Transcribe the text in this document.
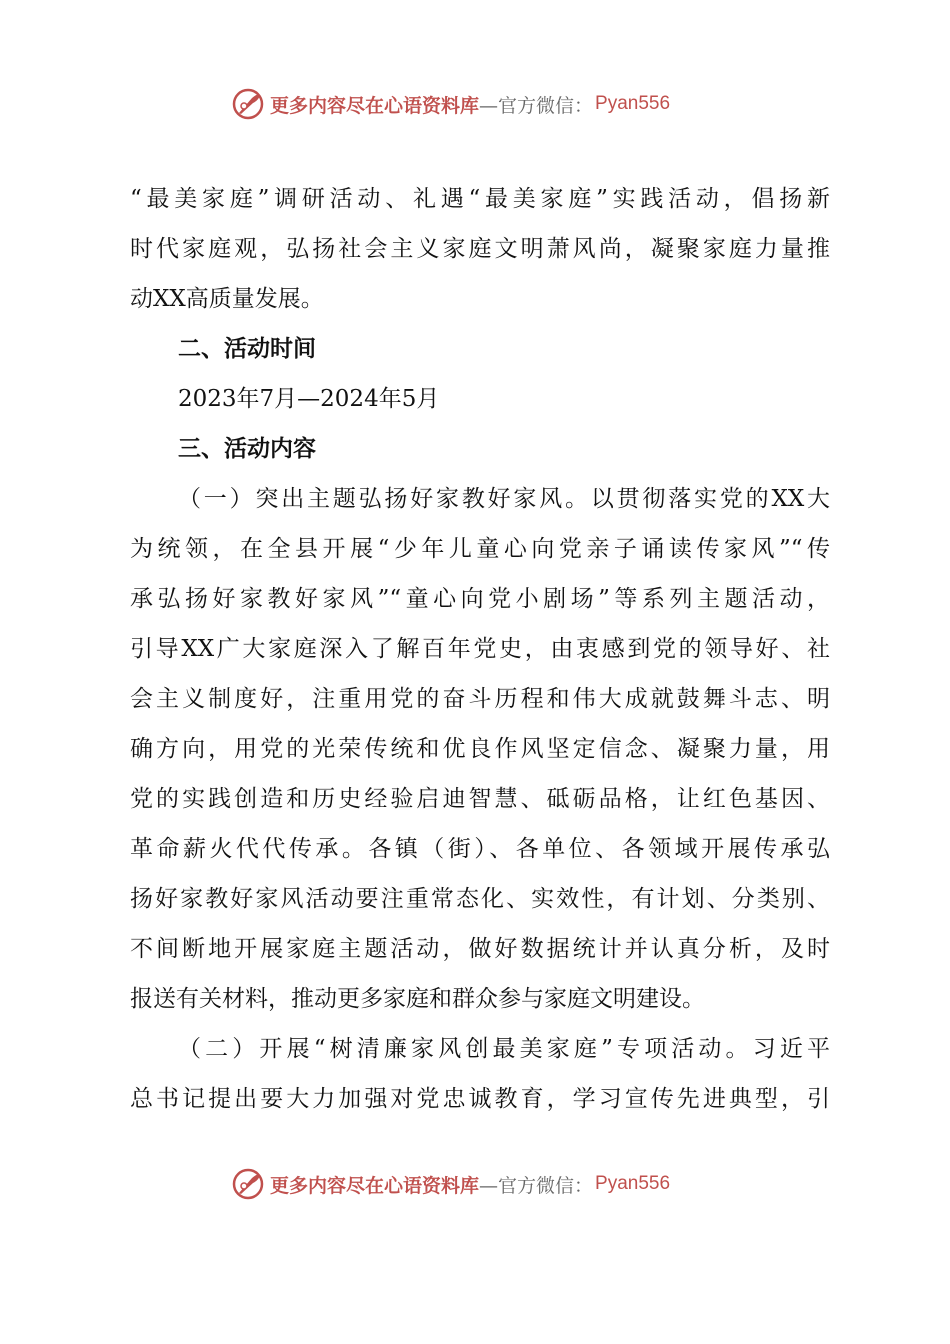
更多内容尽在心语资料库 —官方微信： Pyan556
“最美家庭”调研活动、礼遇“最美家庭”实践活动，倡扬新
时代家庭观，弘扬社会主义家庭文明萧风尚，凝聚家庭力量推
动XX高质量发展。
二、活动时间
2023年7月—2024年5月
三、活动内容
（一）突出主题弘扬好家教好家风。以贯彻落实党的XX大
为统领，在全县开展“少年儿童心向党亲子诵读传家风”“传
承弘扬好家教好家风”“童心向党小剧场”等系列主题活动，
引导XX广大家庭深入了解百年党史，由衷感到党的领导好、社
会主义制度好，注重用党的奋斗历程和伟大成就鼓舞斗志、明
确方向，用党的光荣传统和优良作风坚定信念、凝聚力量，用
党的实践创造和历史经验启迪智慧、砥砺品格，让红色基因、
革命薪火代代传承。各镇（街）、各单位、各领域开展传承弘
扬好家教好家风活动要注重常态化、实效性，有计划、分类别、
不间断地开展家庭主题活动，做好数据统计并认真分析，及时
报送有关材料，推动更多家庭和群众参与家庭文明建设。
（二）开展“树清廉家风创最美家庭”专项活动。习近平
总书记提出要大力加强对党忠诚教育，学习宣传先进典型，引
更多内容尽在心语资料库 —官方微信： Pyan556
